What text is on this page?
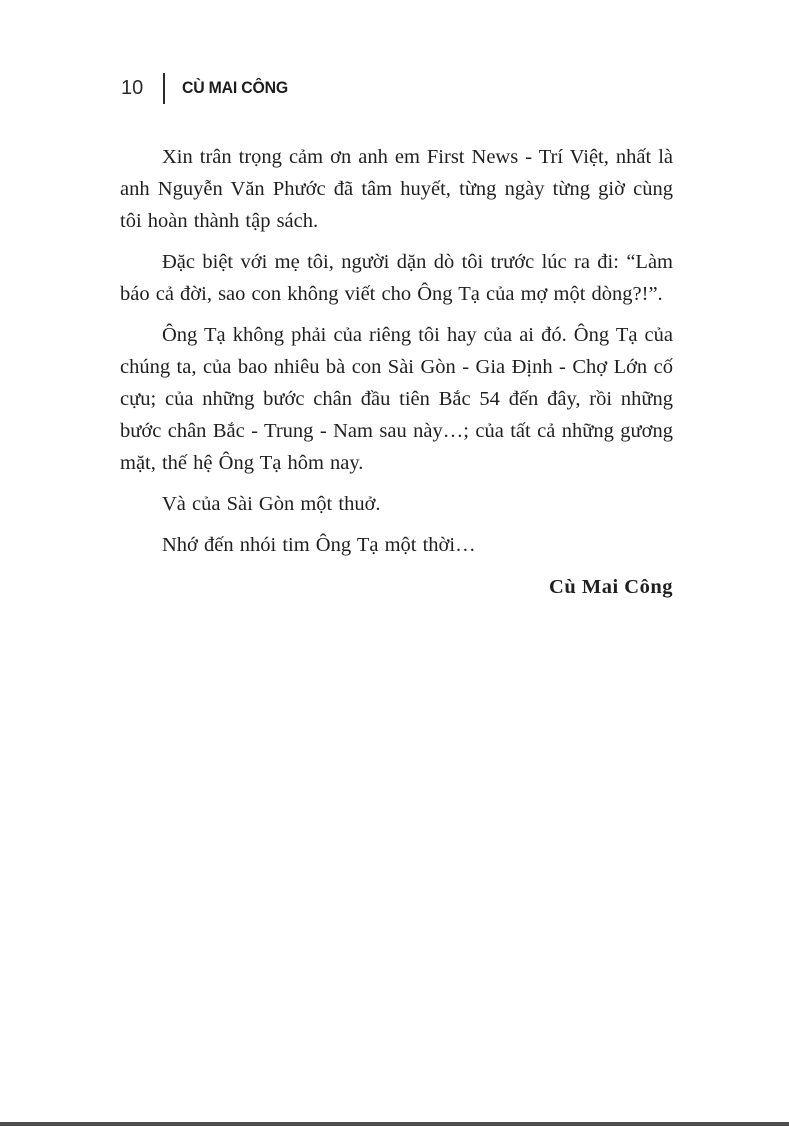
10 CÙ MAI CÔNG

Xin trân trọng cảm ơn anh em First News - Trí Việt, nhất là anh Nguyễn Văn Phước đã tâm huyết, từng ngày từng giờ cùng tôi hoàn thành tập sách.

Đặc biệt với mẹ tôi, người dặn dò tôi trước lúc ra đi: “Làm báo cả đời, sao con không viết cho Ông Tạ của mợ một dòng?!”.

Ông Tạ không phải của riêng tôi hay của ai đó. Ông Tạ của chúng ta, của bao nhiêu bà con Sài Gòn - Gia Định - Chợ Lớn cố cựu; của những bước chân đầu tiên Bắc 54 đến đây, rồi những bước chân Bắc - Trung - Nam sau này…; của tất cả những gương mặt, thế hệ Ông Tạ hôm nay.

Và của Sài Gòn một thuở.

Nhớ đến nhói tim Ông Tạ một thời…

Cù Mai Công
